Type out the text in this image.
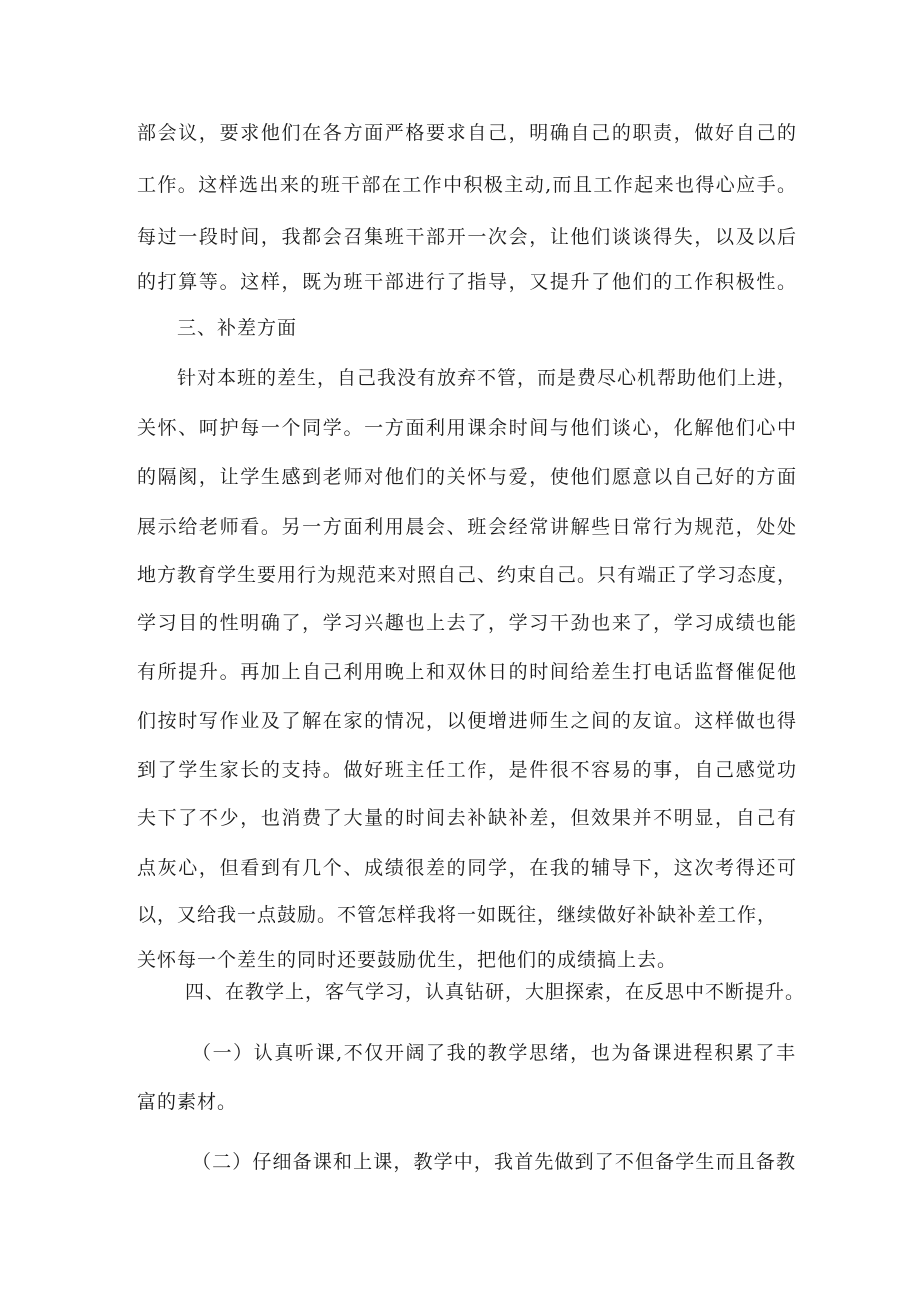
部会议，要求他们在各方面严格要求自己，明确自己的职责，做好自己的
工作。这样选出来的班干部在工作中积极主动,而且工作起来也得心应手。
每过一段时间，我都会召集班干部开一次会，让他们谈谈得失，以及以后
的打算等。这样，既为班干部进行了指导，又提升了他们的工作积极性。
三、补差方面
针对本班的差生，自己我没有放弃不管，而是费尽心机帮助他们上进，
关怀、呵护每一个同学。一方面利用课余时间与他们谈心，化解他们心中
的隔阂，让学生感到老师对他们的关怀与爱，使他们愿意以自己好的方面
展示给老师看。另一方面利用晨会、班会经常讲解些日常行为规范，处处
地方教育学生要用行为规范来对照自己、约束自己。只有端正了学习态度，
学习目的性明确了，学习兴趣也上去了，学习干劲也来了，学习成绩也能
有所提升。再加上自己利用晚上和双休日的时间给差生打电话监督催促他
们按时写作业及了解在家的情况，以便增进师生之间的友谊。这样做也得
到了学生家长的支持。做好班主任工作，是件很不容易的事，自己感觉功
夫下了不少，也消费了大量的时间去补缺补差，但效果并不明显，自己有
点灰心，但看到有几个、成绩很差的同学，在我的辅导下，这次考得还可
以，又给我一点鼓励。不管怎样我将一如既往，继续做好补缺补差工作，
关怀每一个差生的同时还要鼓励优生，把他们的成绩搞上去。
四、在教学上，客气学习，认真钻研，大胆探索，在反思中不断提升。
（一）认真听课,不仅开阔了我的教学思绪，也为备课进程积累了丰
富的素材。
（二）仔细备课和上课，教学中，我首先做到了不但备学生而且备教
